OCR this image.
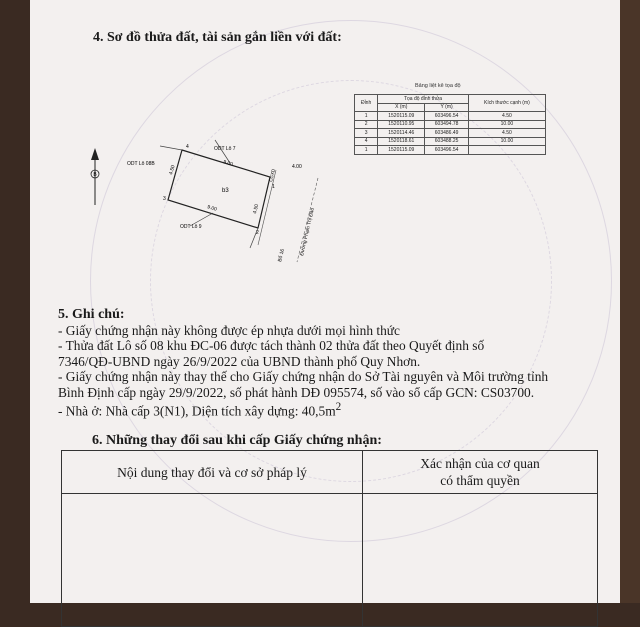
4. Sơ đồ thửa đất, tài sản gắn liền với đất:
Bảng liệt kê tọa độ
Đỉnh	Tọa độ đỉnh thửa		Kích thước cạnh (m)
	X (m)	Y (m)	
1	1520115.09	603496.54	4.50
2	1520110.95	603494.78	10.00
3	1520114.46	603486.49	4.50
4	1520118.61	603488.25	10.00
1	1520115.09	603496.54	
B
4
1
2
3
9.00
9.00
4.50
4.50
4.00
CGXD
b3
ODT Lô 08B
ODT Lô 7
ODT Lô 9
Bố 16	Đường Phạm Thị Đào
5. Ghi chú:
- Giấy chứng nhận này không được ép nhựa dưới mọi hình thức
- Thửa đất Lô số 08 khu ĐC-06 được tách thành 02 thửa đất theo Quyết định số
7346/QĐ-UBND ngày 26/9/2022 của UBND thành phố Quy Nhơn.
- Giấy chứng nhận này thay thế cho Giấy chứng nhận do Sở Tài nguyên và Môi trường tỉnh
Bình Định cấp ngày 29/9/2022, số phát hành DĐ 095574, số vào sổ cấp GCN: CS03700.
- Nhà ở: Nhà cấp 3(N1), Diện tích xây dựng: $40,5m^2$
6. Những thay đổi sau khi cấp Giấy chứng nhận:
Nội dung thay đổi và cơ sở pháp lý	Xác nhận của cơ quan
có thẩm quyền
